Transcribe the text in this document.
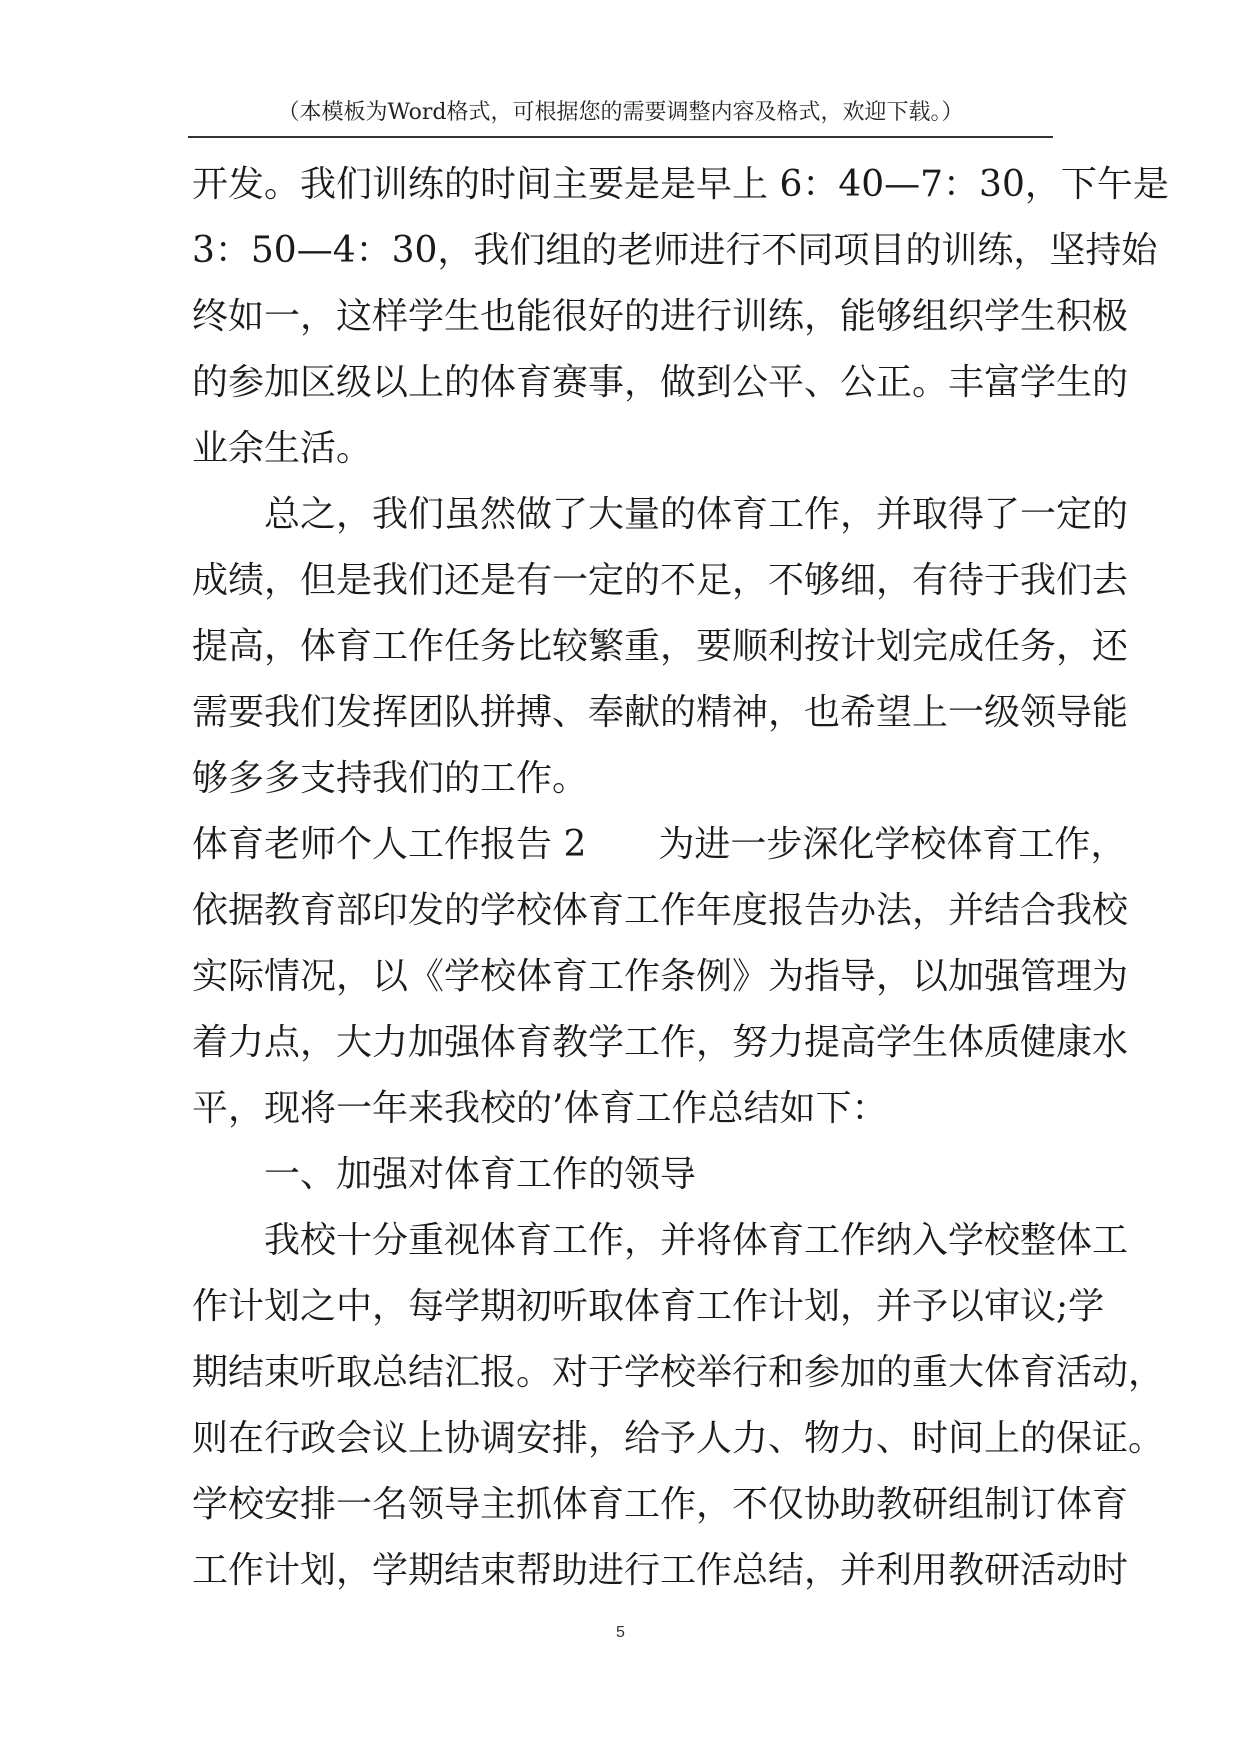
（本模板为Word格式，可根据您的需要调整内容及格式，欢迎下载。）
开发。我们训练的时间主要是是早上 6：40—7：30，下午是
3：50—4：30，我们组的老师进行不同项目的训练，坚持始
终如一，这样学生也能很好的进行训练，能够组织学生积极
的参加区级以上的体育赛事，做到公平、公正。丰富学生的
业余生活。
总之，我们虽然做了大量的体育工作，并取得了一定的
成绩，但是我们还是有一定的不足，不够细，有待于我们去
提高，体育工作任务比较繁重，要顺利按计划完成任务，还
需要我们发挥团队拼搏、奉献的精神，也希望上一级领导能
够多多支持我们的工作。
体育老师个人工作报告 2　　为进一步深化学校体育工作，
依据教育部印发的学校体育工作年度报告办法，并结合我校
实际情况，以《学校体育工作条例》为指导，以加强管理为
着力点，大力加强体育教学工作，努力提高学生体质健康水
平，现将一年来我校的’体育工作总结如下：
一、加强对体育工作的领导
我校十分重视体育工作，并将体育工作纳入学校整体工
作计划之中，每学期初听取体育工作计划，并予以审议;学
期结束听取总结汇报。对于学校举行和参加的重大体育活动，
则在行政会议上协调安排，给予人力、物力、时间上的保证。
学校安排一名领导主抓体育工作，不仅协助教研组制订体育
工作计划，学期结束帮助进行工作总结，并利用教研活动时
5
